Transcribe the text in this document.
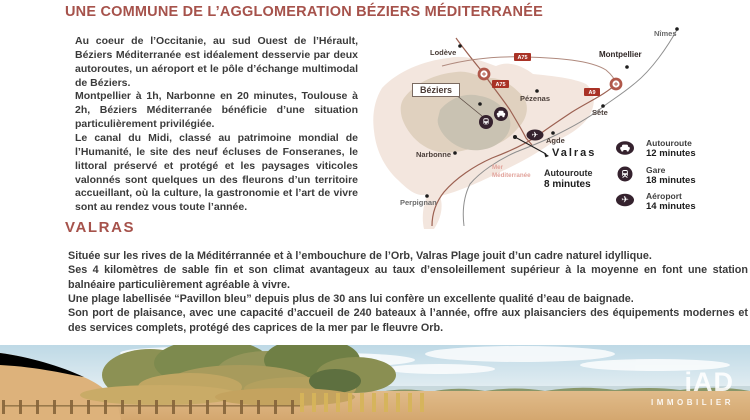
UNE COMMUNE DE L’AGGLOMERATION BÉZIERS MÉDITERRANÉE

Au coeur de l’Occitanie, au sud Ouest de l’Hérault, Béziers Méditerranée est idéalement desservie par deux autoroutes, un aéroport et le pôle d’échange multimodal de Béziers.

Montpellier à 1h, Narbonne en 20 minutes, Toulouse à 2h, Béziers Méditerranée bénéficie d’une situation particulièrement privilégiée.

Le canal du Midi, classé au patrimoine mondial de l’Humanité, le site des neuf écluses de Fonseranes, le littoral préservé et protégé et les paysages viticoles valonnés sont quelques un des fleurons d’un territoire accueillant, où la culture, la gastronomie et l’art de vivre sont au rendez vous toute l’année.

A75
A75
A9
✈
✈
Lodève	Montpellier
Nîmes
Pézenas
Sète
Agde
Narbonne
Perpignan
Béziers
Valras
Mer
Méditerranée Autouroute
8 minutes
Autouroute
12 minutes
Gare
18 minutes
Aéroport
14 minutes
VALRAS

Située sur les rives de la Méditérrannée et à l’embouchure de l’Orb, Valras Plage jouit d’un cadre naturel idyllique.

Ses 4 kilomètres de sable fin et son climat avantageux au taux d’ensoleillement supérieur à la moyenne en font une station balnéaire particulièrement agréable à vivre.

Une plage labellisée “Pavillon bleu” depuis plus de 30 ans lui confère un excellente qualité d’eau de baignade.

Son port de plaisance, avec une capacité d’accueil de 240 bateaux à l’année, offre aux plaisanciers des équipements modernes et des services complets, protégé des caprices de la mer par le fleuvre Orb.

iAD
IMMOBILIER
